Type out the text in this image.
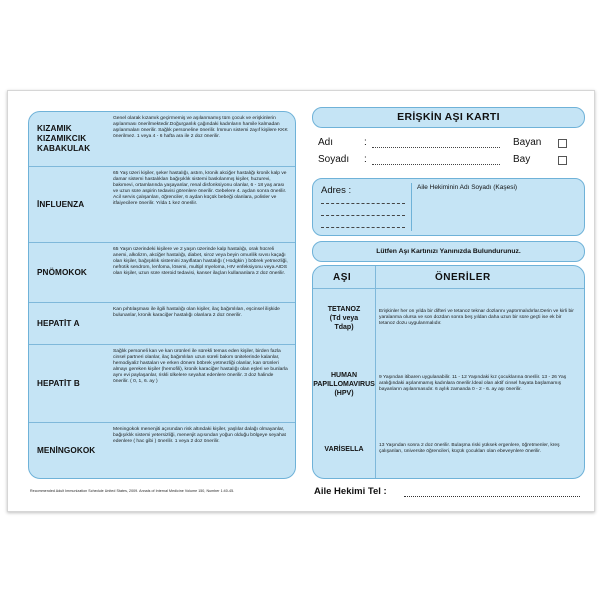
KIZAMIK
KIZAMIKCIK
KABAKULAK
Genel olarak kızamık geçirmemiş ve aşılanmamış tüm çocuk ve erişkinlerin aşılanması önerilmektedir.Doğurganlık çağındaki kadınların hamile kalmadan aşılanmaları önerilir. Sağlık personeline önerilir. İmmun sistemi zayıf kişilere KKK önerilmez. 1 veya 4 - 6 hafta ara ile 2 doz önerilir.
İNFLUENZA
65 Yaş üzeri kişiler, şeker hastalığı, astım, kronik akciğer hastalığı kronik kalp ve damar sistemi hastalıkları bağışıklık sistemi baskılanmış kişiler, huzurevi, bakımevi, ortamlarında yaşayanlar, renal disfonksiyonu olanlar, 6 - 18 yaş arası ve uzun süre aspirin tedavisi görenlere önerilir. Gebelere 4. aydan sonra önerilir. Acil servis çalışanları, öğrenciler, 6 aydan küçük bebeği olanlara, polisler ve itfaiyecilere önerilir. Yılda 1 kez önerilir.
PNÖMOKOK
65 Yaşın üzerindeki kişilere ve 2 yaşın üzerinde kalp hastalığı, orak hücreli anemi, alkolizm, akciğer hastalığı, diabet, siroz veya beyin omurilik sıvısı kaçağı olan kişiler, bağışıklık sistemini zayıflatan hastalığı ( Hodgkin ) böbrek yetmezliği, nefrotik sendrom, lenfoma, lösemi, multipl myeloma, HIV enfeksiyonu veya AIDS olan kişiler, uzun süre steroid tedavisi, kanser ilaçları kullananlara 2 doz önerilir.
HEPATİT A
Kan pıhtılaşması ile ilgili hastalığı olan kişiler, ilaç bağımlıları, eşcinsel ilişkide bulunanlar, kronik karaciğer hastalığı olanlara 2 doz önerilir.
HEPATİT B
Sağlık personeli kan ve kan ürünleri ile sürekli temas eden kişiler, birden fazla cinsel partneri olanlar, ilaç bağımlıları uzun süreli bakım ünitelerinde kalanlar, hemodiyaliz hastaları ve erken dönem böbrek yetmezliği olanlar, kan ürünleri almayı gereken kişiler (hemofili), kronik karaciğer hastalığı olan eşleri ve bunlarla aynı evi paylaşanlar, riskli ülkelere seyahat edenlere önerilir. 3 doz halinde önerilir. ( 0, 1, 6. ay )
MENİNGOKOK
Meningokok menenjiti açısından risk altındaki kişiler, yaşlılar dalağı olmayanlar, bağışıklık sistemi yetersizliği, menenjit açısından yoğun olduğu bölgeye seyahat edenlere ( hac gibi ) önerilir. 1 veya 2 doz önerilir.
Recommended Adult Immunization Schedule United States, 2009. Annals of Internal Medicine Volume 150, Number 1:40-45.
ERİŞKİN AŞI KARTI
Adı	:
Soyadı :
Bayan
Bay
Adres :	Aile Hekiminin Adı Soyadı (Kaşesi)
Lütfen Aşı Kartınızı Yanınızda Bulundurunuz.
AŞI	ÖNERİLER
TETANOZ
(Td veya
Tdap)
Erişkinler her on yılda bir difteri ve tetanoz teknar dozlarını yaptırmalıdırlar.Derin ve kirli bir yaralanma olursa ve son dozdan sonra beş yıldan daha uzun bir süre geçti ise ek bir tetanoz dozu uygulanmalıdır.
HUMAN
PAPILLOMAVIRUS
(HPV)
9 Yaşından itibaren uygulanabilir. 11 - 12 Yaşındaki kız çocuklarına önerilir. 13 - 26 Yaş aralığındaki aşılanmamış kadınlara önerilir.İdeal olan aktif cinsel hayata başlamamış bayanların aşılanmasıdır. 6 aylık zamanda 0 - 2 - 6. ay aşı önerilir.
VARİSELLA
13 Yaşından sonra 2 doz önerilir. Bulaşma riski yüksek ergenlere, öğretmenler, kreş çalışanları, üniversite öğrencileri, küçük çocukları olan ebeveynlere önerilir.
Aile Hekimi Tel :
